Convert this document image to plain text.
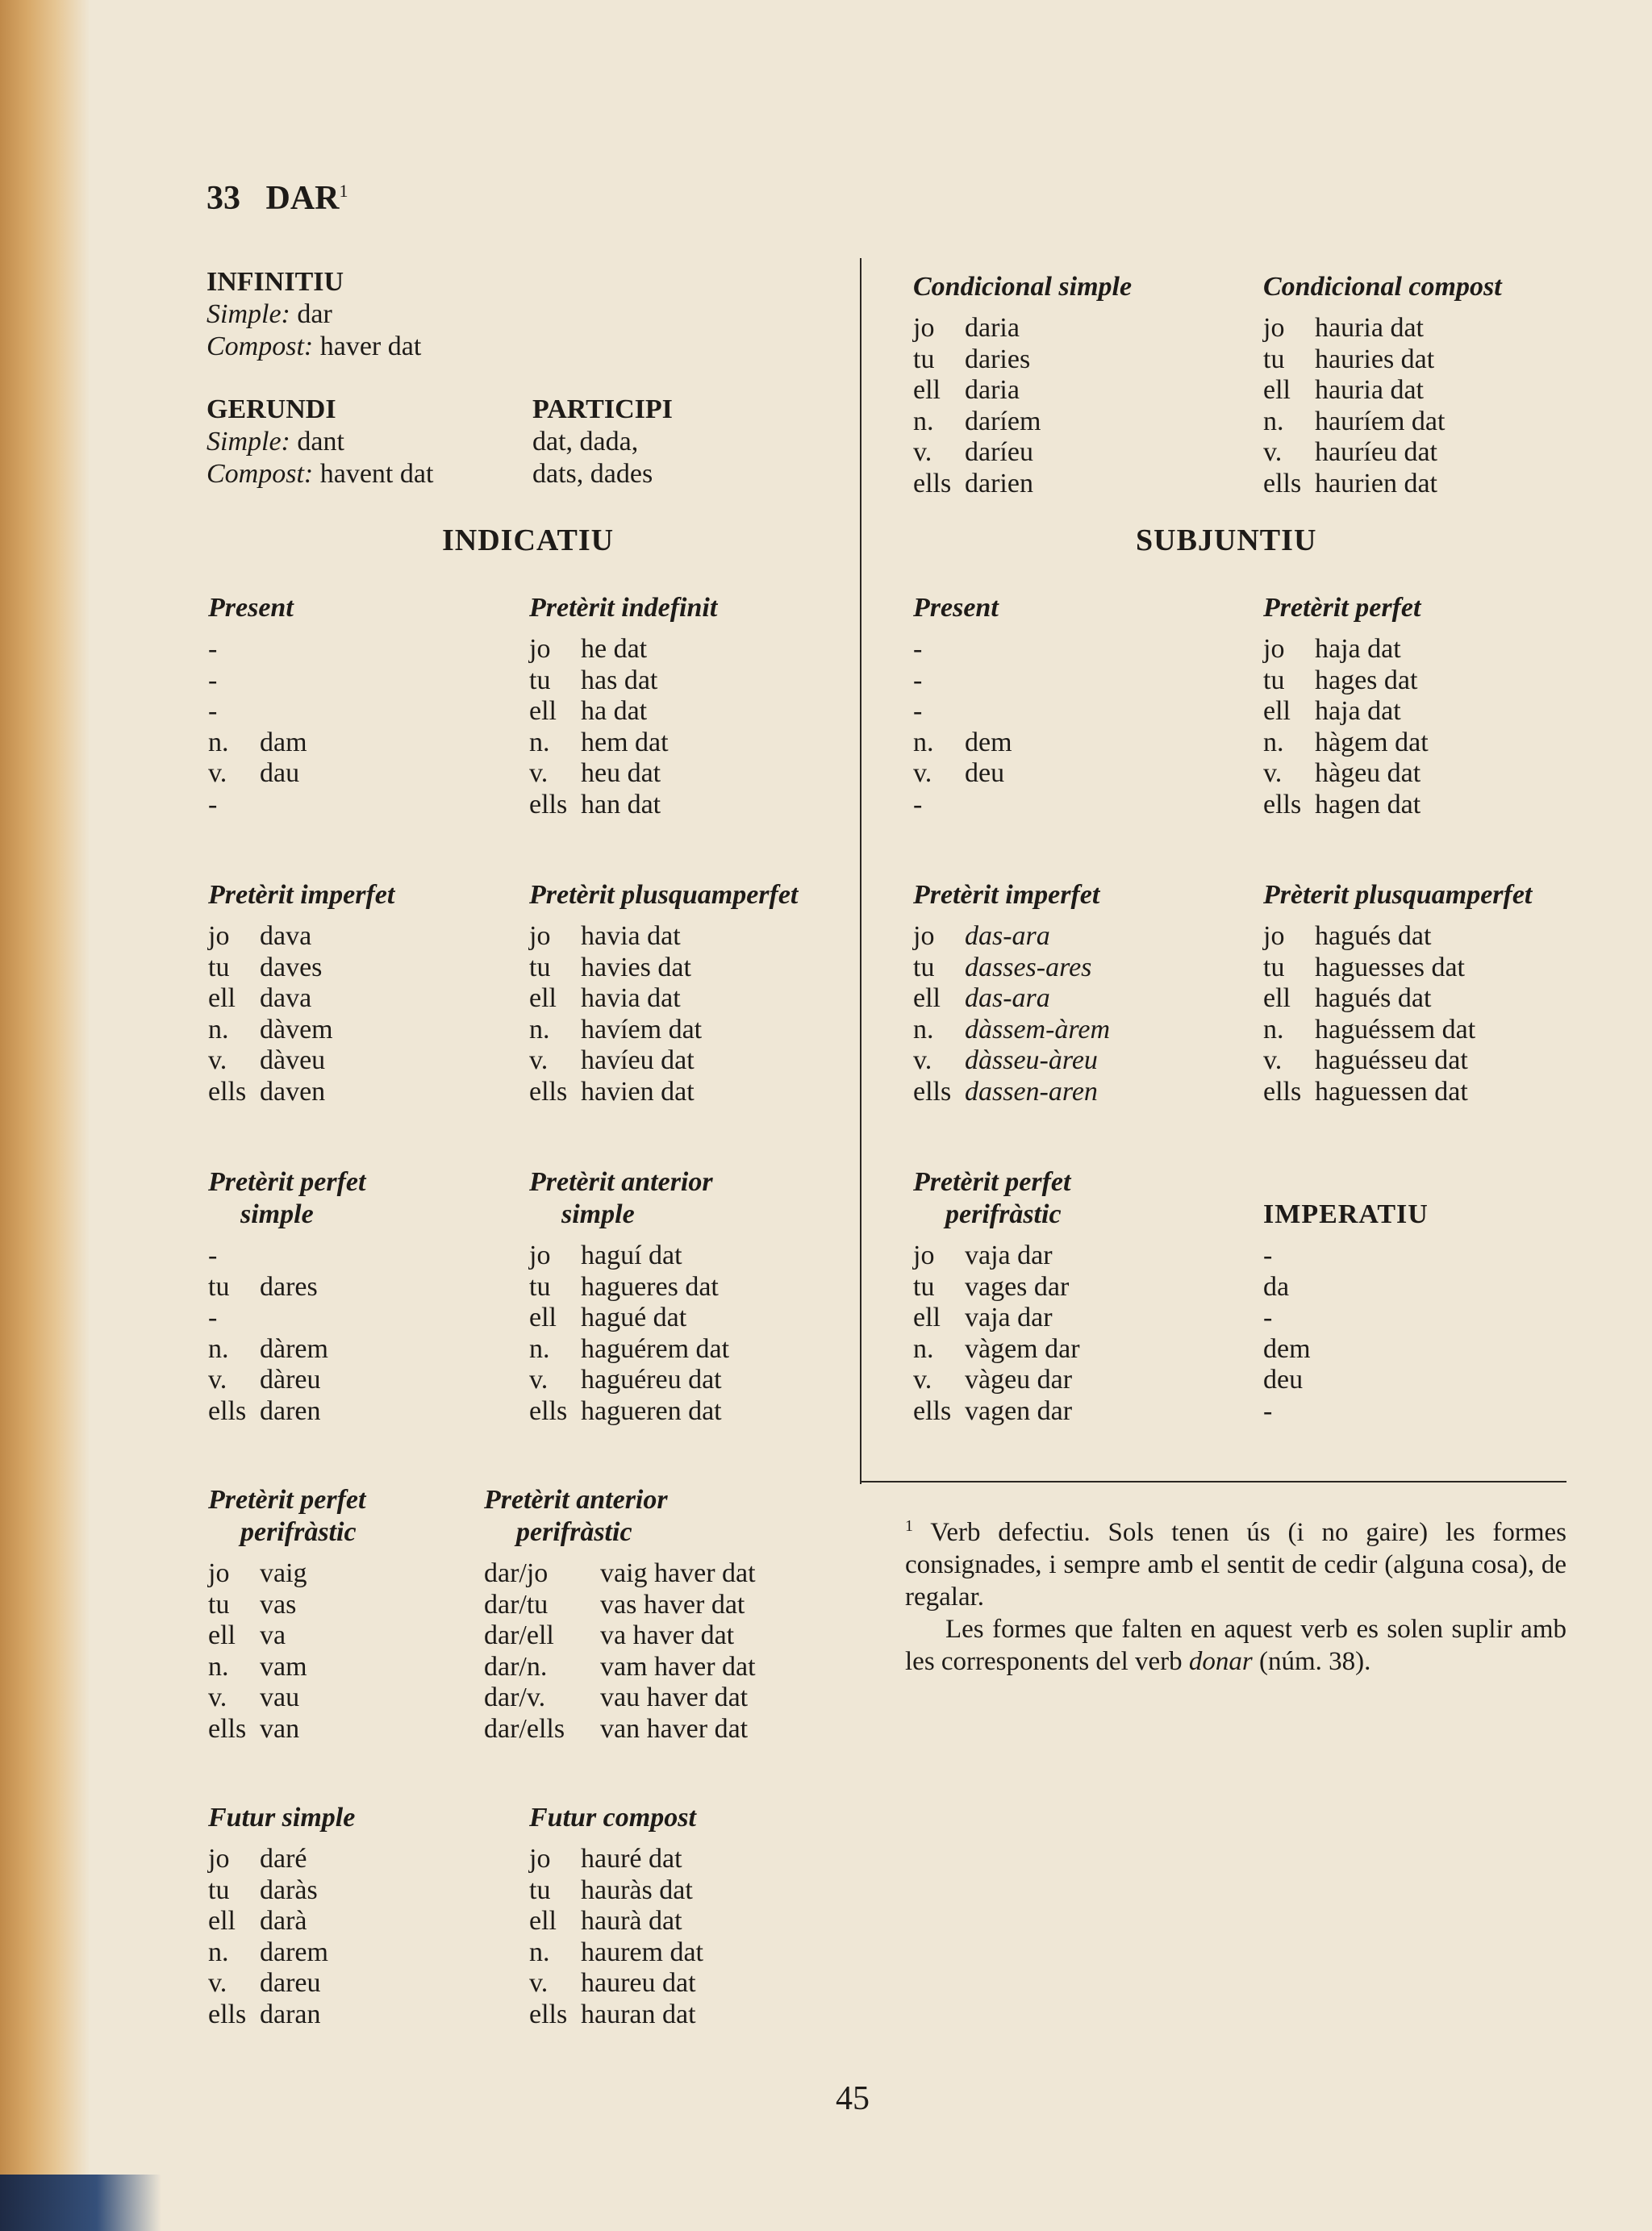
33 DAR$^1$
INFINITIU
Simple: dar
Compost: haver dat
GERUNDI
Simple: dant
Compost: havent dat
PARTICIPI
dat, dada,
dats, dades
INDICATIU	SUBJUNTIU
Condicional simple
jo daria
tu daries
ell daria
n. daríem
v. daríeu
ells darien
Condicional compost
jo hauria dat
tu hauries dat
ell hauria dat
n. hauríem dat
v. hauríeu dat
ells haurien dat
Present
-
-
-
n. dam
v. dau
-
Pretèrit indefinit
jo he dat
tu has dat
ell ha dat
n. hem dat
v. heu dat
ells han dat
Present
-
-
-
n. dem
v. deu
-
Pretèrit perfet
jo haja dat
tu hages dat
ell haja dat
n. hàgem dat
v. hàgeu dat
ells hagen dat
Pretèrit imperfet
jo dava
tu daves
ell dava
n. dàvem
v. dàveu
ells daven
Pretèrit plusquamperfet
jo havia dat
tu havies dat
ell havia dat
n. havíem dat
v. havíeu dat
ells havien dat
Pretèrit imperfet
jo das-ara
tu dasses-ares
ell das-ara
n. dàssem-àrem
v. dàsseu-àreu
ells dassen-aren
Prèterit plusquamperfet
jo hagués dat
tu haguesses dat
ell hagués dat
n. haguéssem dat
v. haguésseu dat
ells haguessen dat
Pretèrit perfet
simple
-
tu dares
-
n. dàrem
v. dàreu
ells daren
Pretèrit anterior
simple
jo haguí dat
tu hagueres dat
ell hagué dat
n. haguérem dat
v. haguéreu dat
ells hagueren dat
Pretèrit perfet
perifràstic
jo vaja dar
tu vages dar
ell vaja dar
n. vàgem dar
v. vàgeu dar
ells vagen dar
IMPERATIU
-
da
-
dem
deu
-
Pretèrit perfet
perifràstic
jo vaig
tu vas
ell va
n. vam
v. vau
ells van
Pretèrit anterior
perifràstic
dar/jo vaig haver dat
dar/tu vas haver dat
dar/ell va haver dat
dar/n. vam haver dat
dar/v. vau haver dat
dar/ells van haver dat
Futur simple
jo daré
tu daràs
ell darà
n. darem
v. dareu
ells daran
Futur compost
jo hauré dat
tu hauràs dat
ell haurà dat
n. haurem dat
v. haureu dat
ells hauran dat

$^1$ Verb defectiu. Sols tenen ús (i no gaire) les formes consignades, i sempre amb el sentit de cedir (alguna cosa), de regalar.

Les formes que falten en aquest verb es solen suplir amb les corresponents del verb donar (núm. 38).

45
